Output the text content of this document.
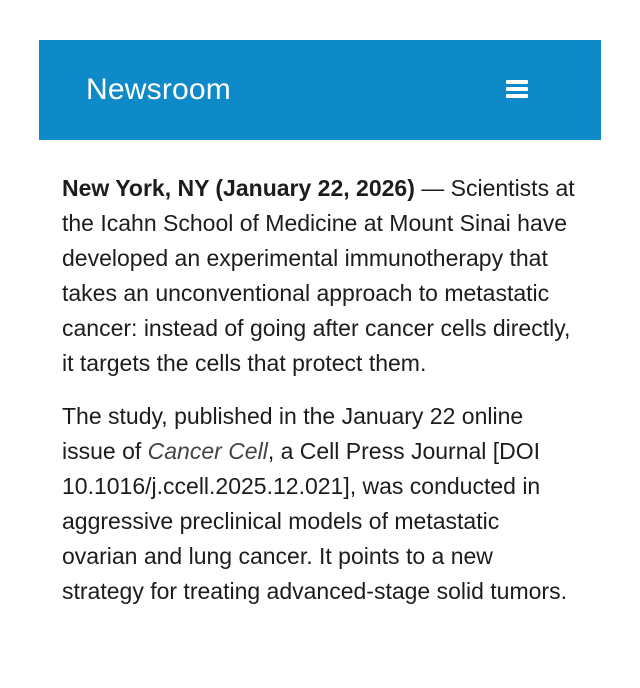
Newsroom

New York, NY (January 22, 2026) — Scientists at the Icahn School of Medicine at Mount Sinai have developed an experimental immunotherapy that takes an unconventional approach to metastatic cancer: instead of going after cancer cells directly, it targets the cells that protect them.

The study, published in the January 22 online issue of Cancer Cell, a Cell Press Journal [DOI 10.1016/j.ccell.2025.12.021], was conducted in aggressive preclinical models of metastatic ovarian and lung cancer. It points to a new strategy for treating advanced-stage solid tumors.
